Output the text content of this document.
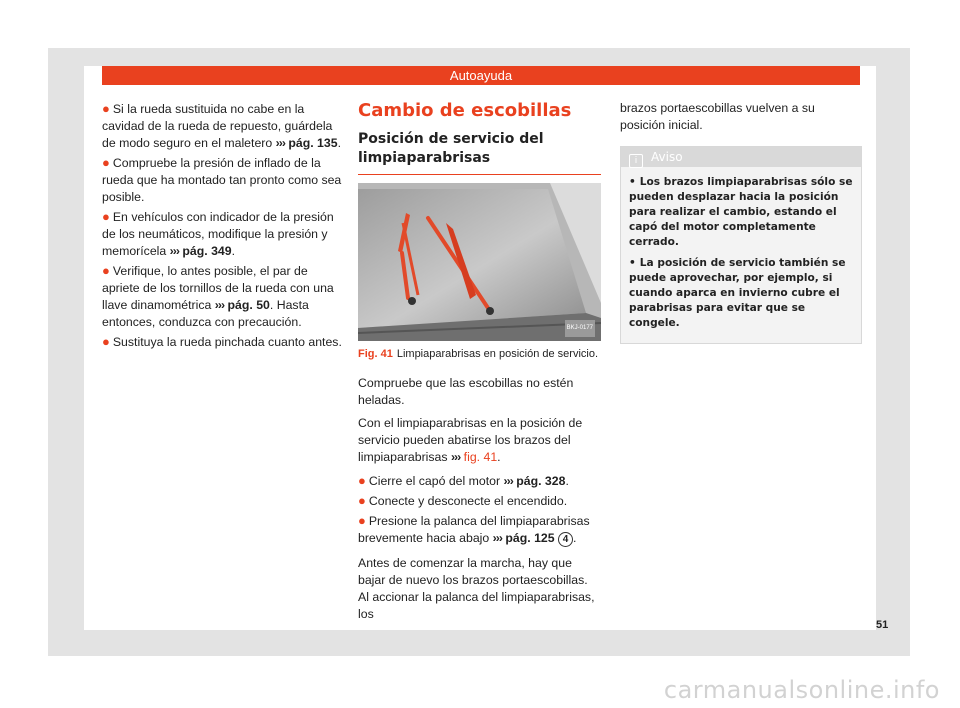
Autoayuda

● Si la rueda sustituida no cabe en la cavidad de la rueda de repuesto, guárdela de modo seguro en el maletero ››› pág. 135.

● Compruebe la presión de inflado de la rueda que ha montado tan pronto como sea posible.

● En vehículos con indicador de la presión de los neumáticos, modifique la presión y memorícela ››› pág. 349.

● Verifique, lo antes posible, el par de apriete de los tornillos de la rueda con una llave dinamométrica ››› pág. 50. Hasta entonces, conduzca con precaución.

● Sustituya la rueda pinchada cuanto antes.

Cambio de escobillas
Posición de servicio del limpiaparabrisas
BKJ-0177

Fig. 41 Limpiaparabrisas en posición de servicio.

Compruebe que las escobillas no estén heladas.

Con el limpiaparabrisas en la posición de servicio pueden abatirse los brazos del limpiaparabrisas ››› fig. 41.

● Cierre el capó del motor ››› pág. 328.

● Conecte y desconecte el encendido.

● Presione la palanca del limpiaparabrisas brevemente hacia abajo ››› pág. 125 4 .

Antes de comenzar la marcha, hay que bajar de nuevo los brazos portaescobillas. Al accionar la palanca del limpiaparabrisas, los

brazos portaescobillas vuelven a su posición inicial.

i Aviso

• Los brazos limpiaparabrisas sólo se pueden desplazar hacia la posición para realizar el cambio, estando el capó del motor completamente cerrado.

• La posición de servicio también se puede aprovechar, por ejemplo, si cuando aparca en invierno cubre el parabrisas para evitar que se congele.

51
carmanualsonline.info
